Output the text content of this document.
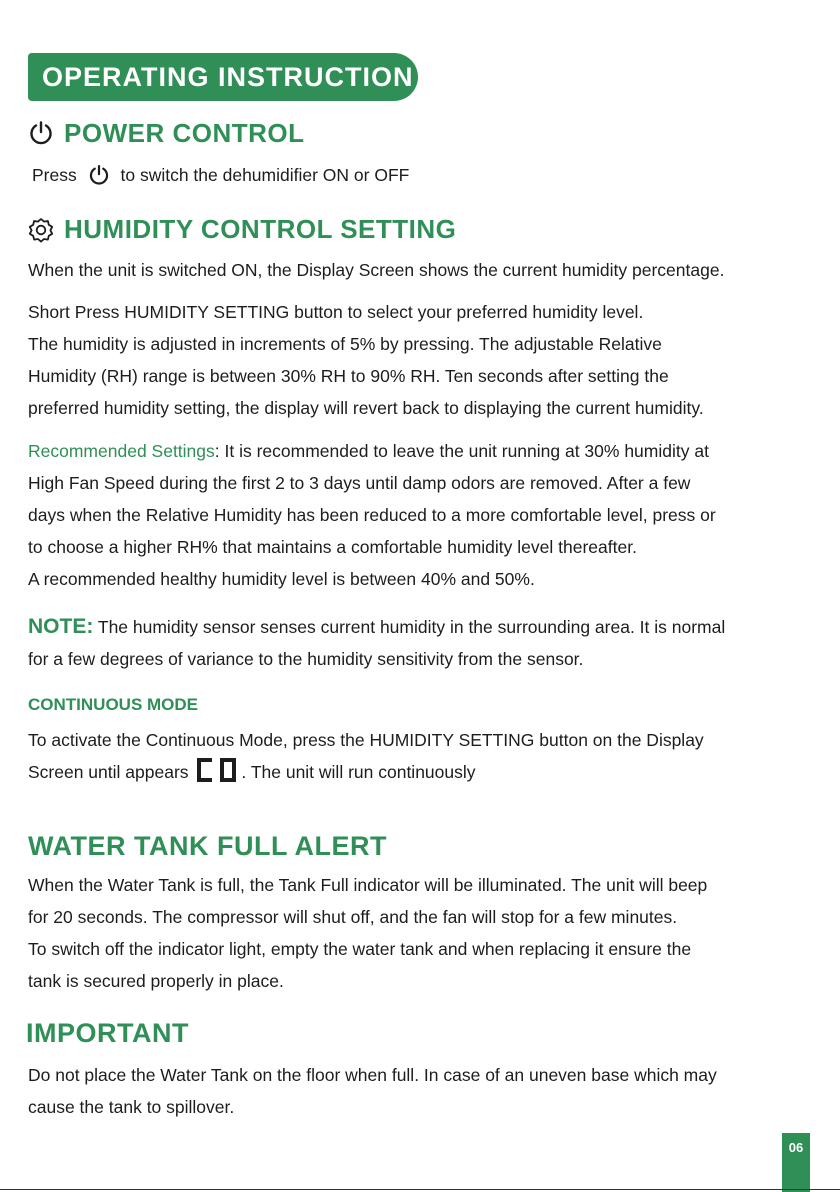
OPERATING INSTRUCTION
POWER CONTROL
Press	to switch the dehumidifier ON or OFF
HUMIDITY CONTROL SETTING
When the unit is switched ON, the Display Screen shows the current humidity percentage.
Short Press HUMIDITY SETTING button to select your preferred humidity level.
The humidity is adjusted in increments of 5% by pressing. The adjustable Relative
Humidity (RH) range is between 30% RH to 90% RH. Ten seconds after setting the
preferred humidity setting, the display will revert back to displaying the current humidity.
Recommended Settings: It is recommended to leave the unit running at 30% humidity at
High Fan Speed during the first 2 to 3 days until damp odors are removed. After a few
days when the Relative Humidity has been reduced to a more comfortable level, press or
to choose a higher RH% that maintains a comfortable humidity level thereafter.
A recommended healthy humidity level is between 40% and 50%.
NOTE: The humidity sensor senses current humidity in the surrounding area. It is normal
for a few degrees of variance to the humidity sensitivity from the sensor.
CONTINUOUS MODE
To activate the Continuous Mode, press the HUMIDITY SETTING button on the Display
Screen until appears	. The unit will run continuously
WATER TANK FULL ALERT
When the Water Tank is full, the Tank Full indicator will be illuminated. The unit will beep
for 20 seconds. The compressor will shut off, and the fan will stop for a few minutes.
To switch off the indicator light, empty the water tank and when replacing it ensure the
tank is secured properly in place.
IMPORTANT
Do not place the Water Tank on the floor when full. In case of an uneven base which may
cause the tank to spillover.
06
